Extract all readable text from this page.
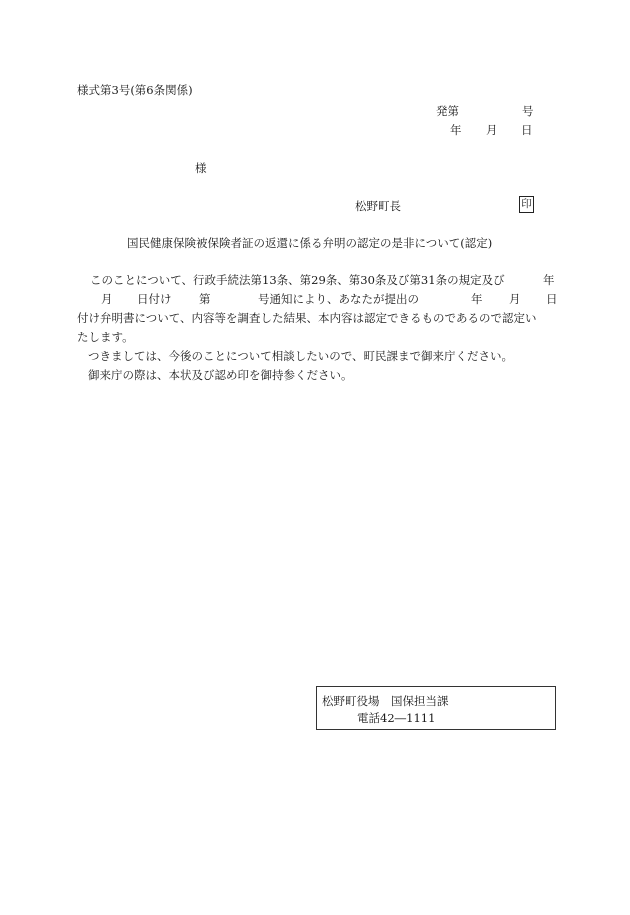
様式第3号(第6条関係)
発第	号
年 月 日
様
松野町長	印
国民健康保険被保険者証の返還に係る弁明の認定の是非について(認定)
このことについて、行政手続法第13条、第29条、第30条及び第31条の規定及び	年
月 日付け 第	号通知により、あなたが提出の	年 月 日
付け弁明書について、内容等を調査した結果、本内容は認定できるものであるので認定い
たします。
つきましては、今後のことについて相談したいので、町民課まで御来庁ください。
御来庁の際は、本状及び認め印を御持参ください。
松野町役場　国保担当課
電話42―1111
